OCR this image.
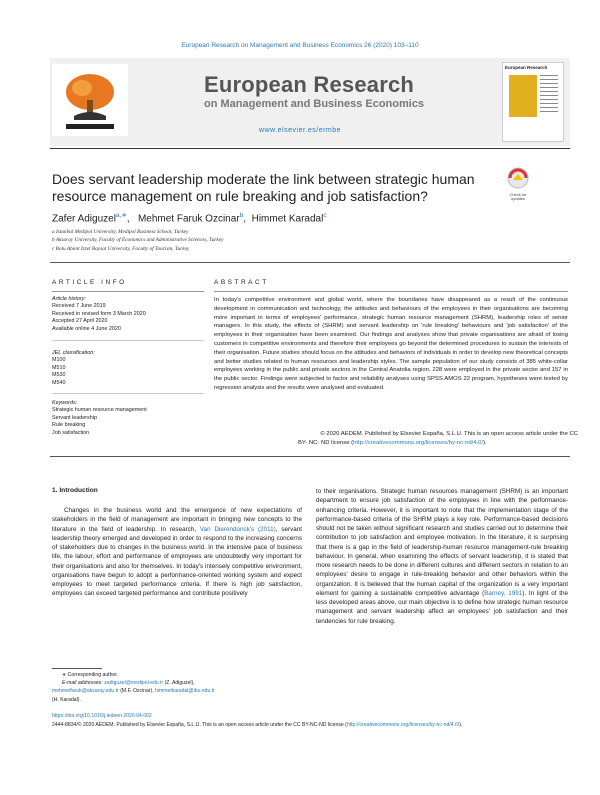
European Research on Management and Business Economics 26 (2020) 103–110
European Research
on Management and Business Economics
European Research
www.elsevier.es/ermbe
Does servant leadership moderate the link between strategic human resource management on rule breaking and job satisfaction?	Check for
updates
Zafer Adiguzel$^{a,∗}$,   Mehmet Faruk Ozcinar$^b$,  Himmet Karadal$^c$
a Istanbul Medipol University, Medipol Business School, Turkey
b Aksaray University, Faculty of Economics and Administrative Sciences, Turkey
c Bolu Abant Izzet Baysal University, Faculty of Tourism, Turkey
ARTICLE INFO
Article history:
Received 7 June 2019
Received in revised form 3 March 2020
Accepted 27 April 2020
Available online 4 June 2020
JEL classification:
M100
M510
M530
M540
Keywords:
Strategic human resource management
Servant leadership
Rule breaking
Job satisfaction
ABSTRACT
In today's competitive environment and global world, where the boundaries have disappeared as a result of the continuous development in communication and technology, the attitudes and behaviours of the employees in their organisations are becoming more important in terms of employees' performance, strategic human resource management (SHRM), leadership roles of senior managers. In this study, the effects of (SHRM) and servant leadership on 'rule breaking' behaviours and 'job satisfaction' of the employees in their organisation have been examined. Our findings and analyses show that private organisations are afraid of losing customers in competitive environments and therefore their employees go beyond the determined procedures to sustain the interests of their organisation. Future studies should focus on the attitudes and behaviors of individuals in order to develop new theoretical concepts and better studies related to human resources and leadership styles. The sample population of our study consists of 385 white-collar employees working in the public and private sectors in the Central Anatolia region. 228 were employed in the private sector and 157 in the public sector. Findings were subjected to factor and reliability analyses using SPSS AMOS 22 program, hypotheses were tested by regression analysis and the results were analysed and evaluated.
© 2020 AEDEM. Published by Elsevier España, S.L.U. This is an open access article under the CC
BY- NC- ND license (http://creativecommons.org/licenses/by-nc-nd/4.0/).
1. Introduction
Changes in the business world and the emergence of new expectations of stakeholders in the field of management are important in bringing new concepts to the literature in the field of leadership. In research, Van Dierendonck's (2011), servant leadership theory emerged and developed in order to respond to the increasing concerns of stakeholders due to changes in the business world. In the intensive pace of business life, the labour, effort and performance of employees are undoubtedly very important for their organisations and also for themselves. In today's intensely competitive environment, organisations have begun to adopt a performance-oriented working system and expect employees to meet targeted performance criteria. If there is high job satisfaction, employees can exceed targeted performance and contribute positively
to their organisations. Strategic human resources management (SHRM) is an important department to ensure job satisfaction of the employees in line with the performance-enhancing criteria. However, it is important to note that the implementation stage of the performance-based criteria of the SHRM plays a key role. Performance-based decisions should not be taken without significant research and studies carried out to determine their contribution to job satisfaction and employee motivation. In the literature, it is surprising that there is a gap in the field of leadership-human resource management-rule breaking behaviour. In general, when examining the effects of servant leadership, it is stated that more research needs to be done in different cultures and different sectors in relation to an employees' desire to engage in rule-breaking behavior and other behaviors within the organization. It is believed that the human capital of the organization is a very important element for gaining a sustainable competitive advantage (Barney, 1991). In light of the less developed areas above, our main objective is to define how strategic human resource management and servant leadership affect an employees' job satisfaction and their tendencies for rule breaking.
∗ Corresponding author.
E-mail addresses: zadiguzel@medipol.edu.tr (Z. Adiguzel),
mehmetfaruk@aksaray.edu.tr (M.F. Ozcinar), himmetkaradal@ibu.edu.tr
(H. Karadal).
https://doi.org/10.1016/j.iedeen.2020.04.002
2444-8834/© 2020 AEDEM. Published by Elsevier España, S.L.U. This is an open access article under the CC BY-NC-ND license (http://creativecommons.org/licenses/by-nc-nd/4.0/).
